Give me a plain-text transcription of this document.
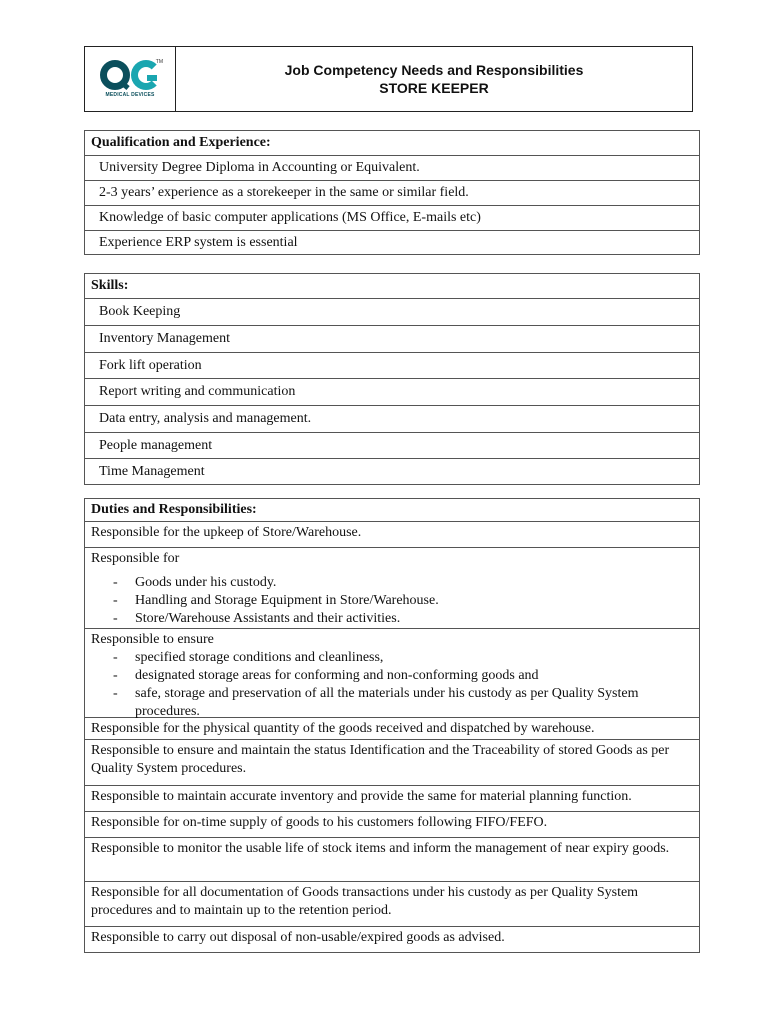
TM
MEDICAL DEVICES
Job Competency Needs and Responsibilities
STORE KEEPER
Qualification and Experience:
University Degree Diploma in Accounting or Equivalent.
2-3 years’ experience as a storekeeper in the same or similar field.
Knowledge of basic computer applications (MS Office, E-mails etc)
Experience ERP system is essential
Skills:
Book Keeping
Inventory Management
Fork lift operation
Report writing and communication
Data entry, analysis and management.
People management
Time Management
Duties and Responsibilities:
Responsible for the upkeep of Store/Warehouse.
Responsible for
-	Goods under his custody.
-	Handling and Storage Equipment in Store/Warehouse.
-	Store/Warehouse Assistants and their activities.
Responsible to ensure
-	specified storage conditions and cleanliness,
-	designated storage areas for conforming and non-conforming goods and
-	safe, storage and preservation of all the materials under his custody as per Quality System procedures.
Responsible for the physical quantity of the goods received and dispatched by warehouse.
Responsible to ensure and maintain the status Identification and the Traceability of stored Goods as per Quality System procedures.
Responsible to maintain accurate inventory and provide the same for material planning function.
Responsible for on-time supply of goods to his customers following FIFO/FEFO.
Responsible to monitor the usable life of stock items and inform the management of near expiry goods.
Responsible for all documentation of Goods transactions under his custody as per Quality System procedures and to maintain up to the retention period.
Responsible to carry out disposal of non-usable/expired goods as advised.
